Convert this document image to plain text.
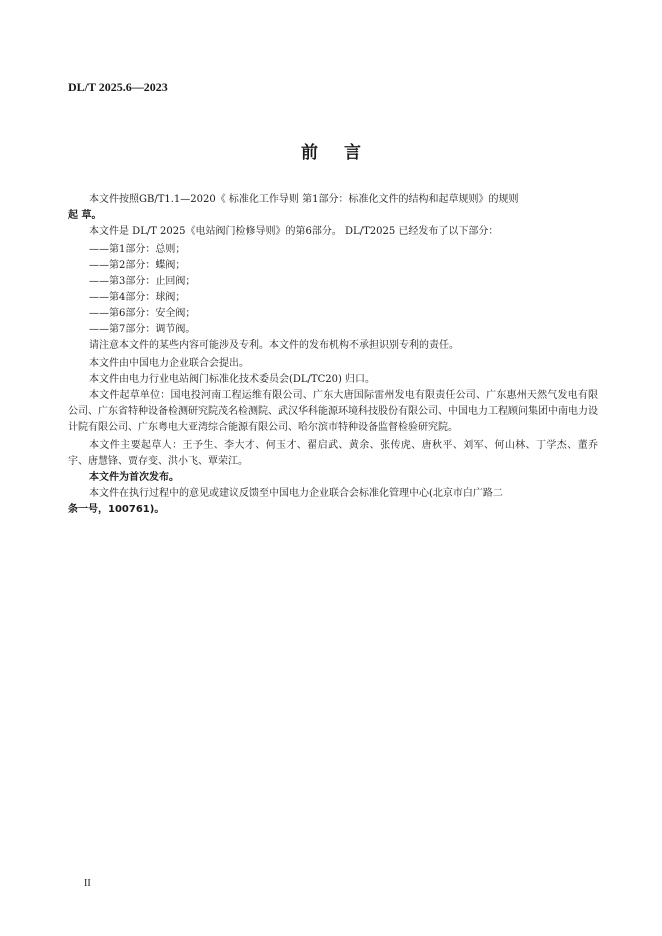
DL/T 2025.6—2023
前言

本文件按照GB/T1.1—2020《 标准化工作导则 第1部分：标准化文件的结构和起草规则》的规则

起 草。

本文件是 DL/T 2025《电站阀门检修导则》的第6部分。 DL/T2025 已经发布了以下部分：

——第1部分：总则；

——第2部分：蝶阀；

——第3部分：止回阀；

——第4部分：球阀；

——第6部分：安全阀；

——第7部分：调节阀。

请注意本文件的某些内容可能涉及专利。本文件的发布机构不承担识别专利的责任。

本文件由中国电力企业联合会提出。

本文件由电力行业电站阀门标准化技术委员会(DL/TC20) 归口。

本文件起草单位：国电投河南工程运维有限公司、广东大唐国际雷州发电有限责任公司、广东惠州天然气发电有限公司、广东省特种设备检测研究院茂名检测院、武汉华科能源环境科技股份有限公司、中国电力工程顾问集团中南电力设计院有限公司、广东粤电大亚湾综合能源有限公司、哈尔滨市特种设备监督检验研究院。

本文件主要起草人：王予生、李大才、何玉才、翟启武、黄余、张传虎、唐秋平、刘军、何山林、丁学杰、董乔宇、唐慧锋、贾存变、洪小飞、覃荣江。

本文件为首次发布。

本文件在执行过程中的意见或建议反馈至中国电力企业联合会标准化管理中心(北京市白广路二

条一号，100761)。

II
